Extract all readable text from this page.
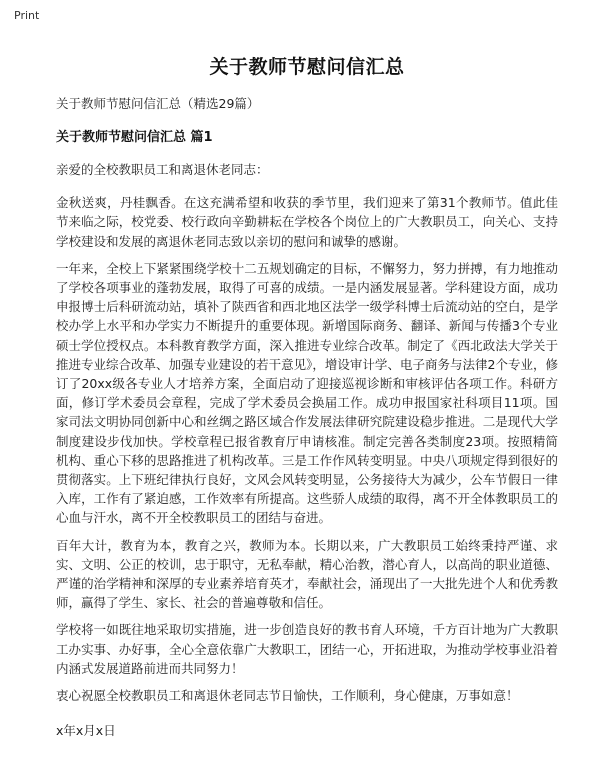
Print
关于教师节慰问信汇总
关于教师节慰问信汇总（精选29篇）
关于教师节慰问信汇总 篇1
亲爱的全校教职员工和离退休老同志：
金秋送爽，丹桂飘香。在这充满希望和收获的季节里，我们迎来了第31个教师节。值此佳节来临之际，校党委、校行政向辛勤耕耘在学校各个岗位上的广大教职员工，向关心、支持学校建设和发展的离退休老同志致以亲切的慰问和诚挚的感谢。
一年来，全校上下紧紧围绕学校十二五规划确定的目标，不懈努力，努力拼搏，有力地推动了学校各项事业的蓬勃发展，取得了可喜的成绩。一是内涵发展显著。学科建设方面，成功申报博士后科研流动站，填补了陕西省和西北地区法学一级学科博士后流动站的空白，是学校办学上水平和办学实力不断提升的重要体现。新增国际商务、翻译、新闻与传播3个专业硕士学位授权点。本科教育教学方面，深入推进专业综合改革。制定了《西北政法大学关于推进专业综合改革、加强专业建设的若干意见》，增设审计学、电子商务与法律2个专业，修订了20xx级各专业人才培养方案，全面启动了迎接巡视诊断和审核评估各项工作。科研方面，修订学术委员会章程，完成了学术委员会换届工作。成功申报国家社科项目11项。国家司法文明协同创新中心和丝绸之路区域合作发展法律研究院建设稳步推进。二是现代大学制度建设步伐加快。学校章程已报省教育厅申请核准。制定完善各类制度23项。按照精简机构、重心下移的思路推进了机构改革。三是工作作风转变明显。中央八项规定得到很好的贯彻落实。上下班纪律执行良好，文风会风转变明显，公务接待大为减少，公车节假日一律入库，工作有了紧迫感，工作效率有所提高。这些骄人成绩的取得，离不开全体教职员工的心血与汗水，离不开全校教职员工的团结与奋进。
百年大计，教育为本，教育之兴，教师为本。长期以来，广大教职员工始终秉持严谨、求实、文明、公正的校训，忠于职守，无私奉献，精心治教，潜心育人，以高尚的职业道德、严谨的治学精神和深厚的专业素养培育英才，奉献社会，涌现出了一大批先进个人和优秀教师，赢得了学生、家长、社会的普遍尊敬和信任。
学校将一如既往地采取切实措施，进一步创造良好的教书育人环境，千方百计地为广大教职工办实事、办好事，全心全意依靠广大教职工，团结一心，开拓进取，为推动学校事业沿着内涵式发展道路前进而共同努力！
衷心祝愿全校教职员工和离退休老同志节日愉快，工作顺利，身心健康，万事如意！
x年x月x日
